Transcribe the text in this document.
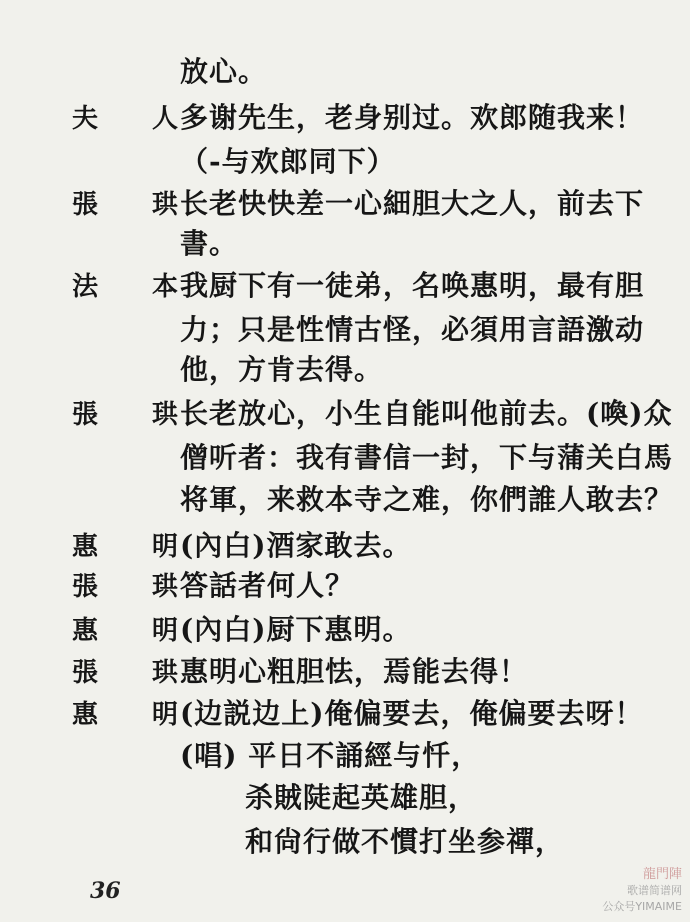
放心。
夫 人 多谢先生，老身别过。欢郎随我来！
（-与欢郎同下）
張 珙 长老快快差一心細胆大之人，前去下
書。
法 本 我厨下有一徒弟，名唤惠明，最有胆
力；只是性情古怪，必須用言語激动
他，方肯去得。
張 珙 长老放心，小生自能叫他前去。(喚)众
僧听者：我有書信一封，下与蒲关白馬
将軍，来救本寺之难，你們誰人敢去？
惠 明 (內白)酒家敢去。
張 珙 答話者何人？
惠 明 (內白)厨下惠明。
張 珙 惠明心粗胆怯，焉能去得！
惠 明 (边説边上)俺偏要去，俺偏要去呀！
(唱) 平日不誦經与忏，
杀賊陡起英雄胆，
和尙行做不慣打坐参禪，
36
龍門陣
歌谱简谱网
公众号YIMAIME
